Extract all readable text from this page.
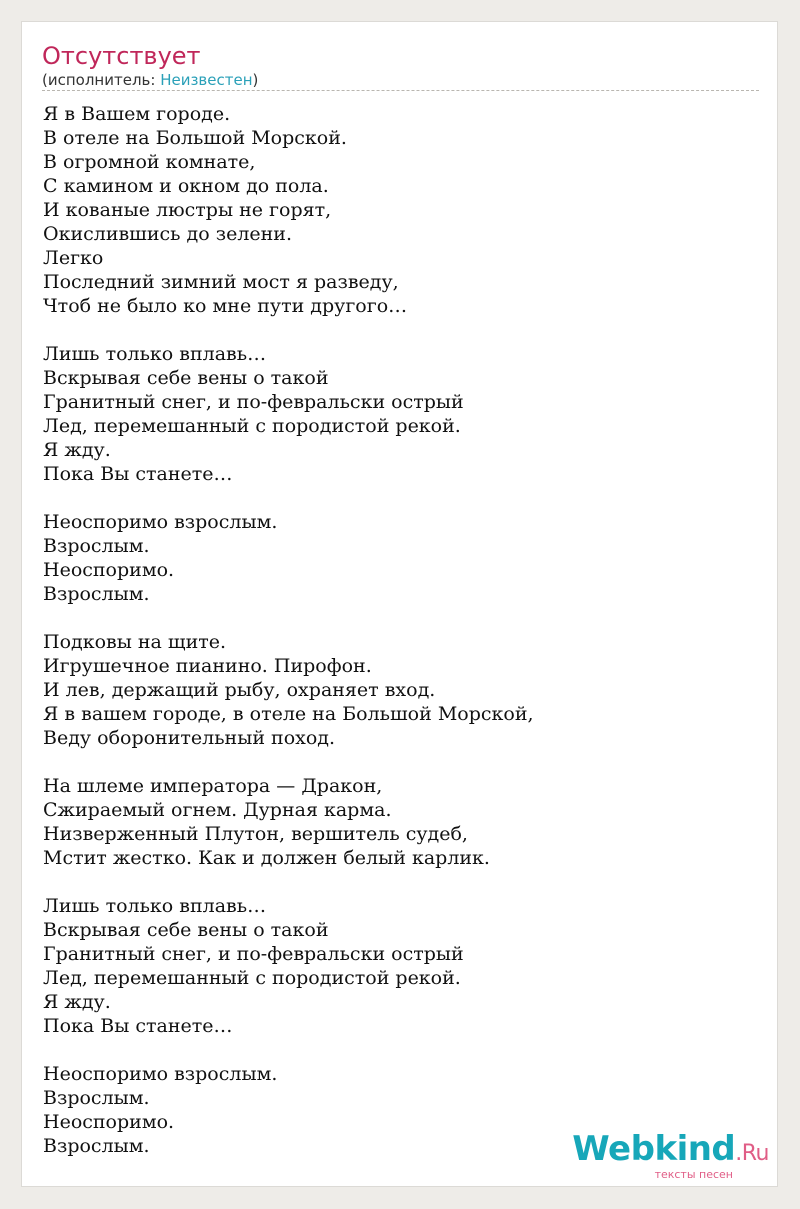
Отсутствует
(исполнитель: Неизвестен)
Я в Вашем городе.
В отеле на Большой Морской.
В огромной комнате,
С камином и окном до пола.
И кованые люстры не горят,
Окислившись до зелени.
Легко
Последний зимний мост я разведу,
Чтоб не было ко мне пути другого…
Лишь только вплавь…
Вскрывая себе вены о такой
Гранитный снег, и по-февральски острый
Лед, перемешанный с породистой рекой.
Я жду.
Пока Вы станете…
Неоспоримо взрослым.
Взрослым.
Неоспоримо.
Взрослым.
Подковы на щите.
Игрушечное пианино. Пирофон.
И лев, держащий рыбу, охраняет вход.
Я в вашем городе, в отеле на Большой Морской,
Веду оборонительный поход.
На шлеме императора — Дракон,
Сжираемый огнем. Дурная карма.
Низверженный Плутон, вершитель судеб,
Мстит жестко. Как и должен белый карлик.
Лишь только вплавь…
Вскрывая себе вены о такой
Гранитный снег, и по-февральски острый
Лед, перемешанный с породистой рекой.
Я жду.
Пока Вы станете…
Неоспоримо взрослым.
Взрослым.
Неоспоримо.
Взрослым.	Webkind.Ru
тексты песен
